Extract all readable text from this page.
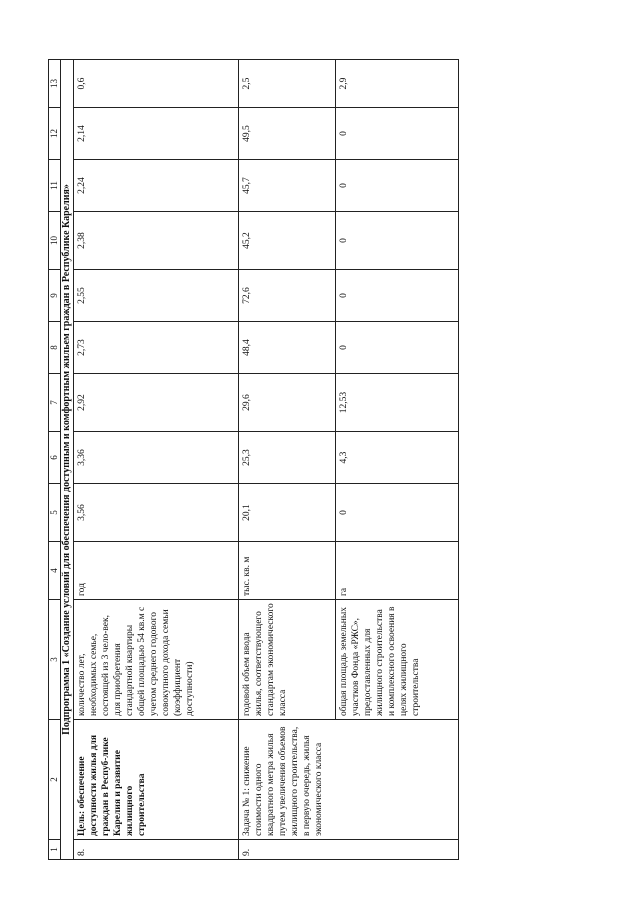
1	2	3	4	5	6	7	8	9	10	11	12	13
Подпрограмма 1 «Создание условий для обеспечения доступным и комфортным жильем граждан в Республике Карелия»												
8.	Цель: обеспечение доступности жилья для граждан в Респуб-лике Карелия и развитие жилищного строительства	количество лет, необходимых семье, состоящей из 3 чело-век, для приобретения стандартной квартиры общей площадью 54 кв.м с учетом среднего годового совокупного дохода семьи (коэффициент доступности)	год	3,56	3,36	2,92	2,73	2,55	2,38	2,24	2,14	0,6
9.	Задача № 1: снижение стоимости одного квадратного метра жилья путем увеличения объемов жилищного строительства, в первую очередь, жилья экономического класса	годовой объем ввода жилья, соответствующего стандартам экономического класса	тыс. кв. м	20,1	25,3	29,6	48,4	72,6	45,2	45,7	49,5	2,5
		общая площадь земельных участков Фонда «РЖС», предоставленных для жилищного строительства и комплексного освоения в целях жилищного строительства	га	0	4,3	12,53	0	0	0	0	0	2,9
